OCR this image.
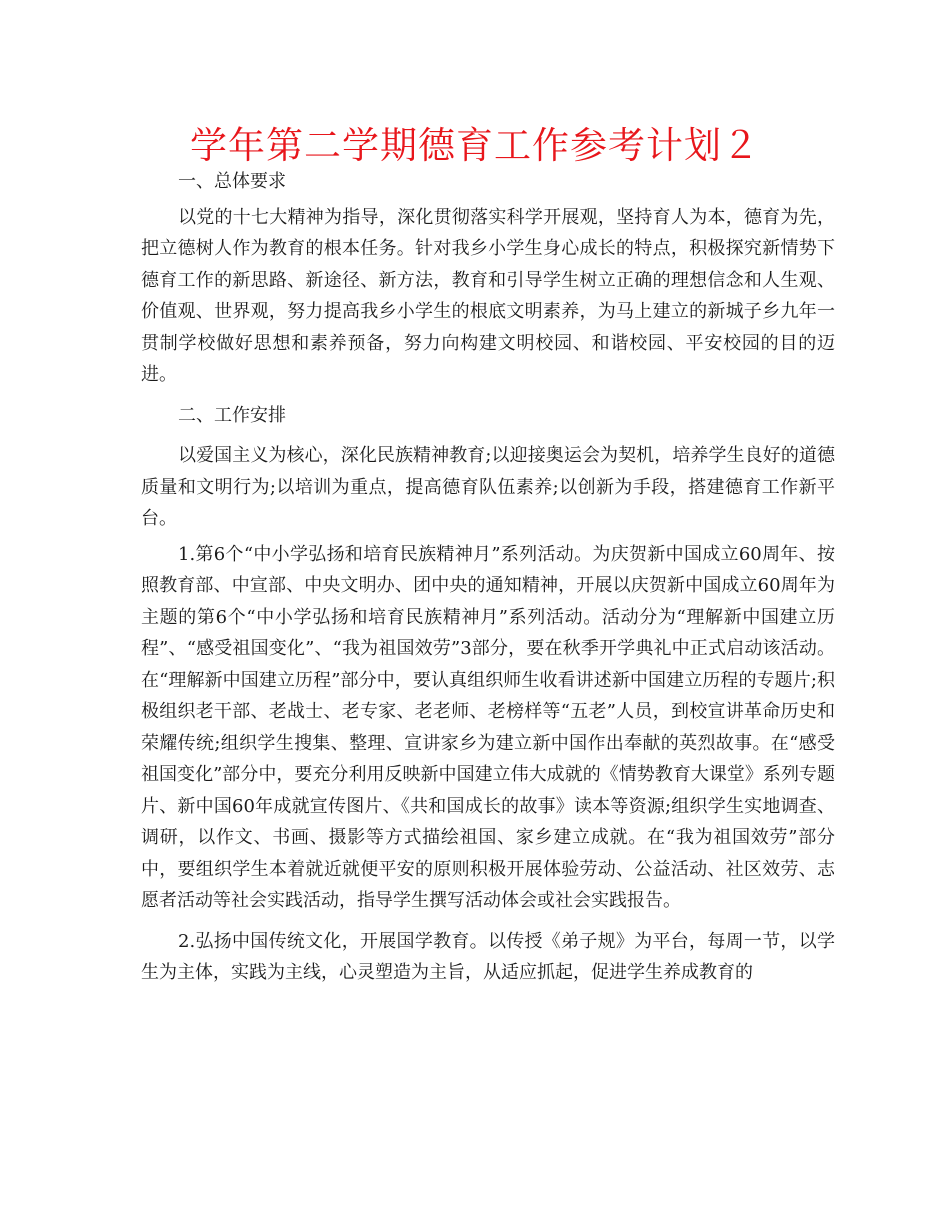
学年第二学期德育工作参考计划２

一、总体要求

以党的十七大精神为指导，深化贯彻落实科学开展观，坚持育人为本，德育为先，把立德树人作为教育的根本任务。针对我乡小学生身心成长的特点，积极探究新情势下德育工作的新思路、新途径、新方法，教育和引导学生树立正确的理想信念和人生观、价值观、世界观，努力提高我乡小学生的根底文明素养，为马上建立的新城子乡九年一贯制学校做好思想和素养预备，努力向构建文明校园、和谐校园、平安校园的目的迈进。

二、工作安排

以爱国主义为核心，深化民族精神教育;以迎接奥运会为契机，培养学生良好的道德质量和文明行为;以培训为重点，提高德育队伍素养;以创新为手段，搭建德育工作新平台。

1.第6个“中小学弘扬和培育民族精神月”系列活动。为庆贺新中国成立60周年、按照教育部、中宣部、中央文明办、团中央的通知精神，开展以庆贺新中国成立60周年为主题的第6个“中小学弘扬和培育民族精神月”系列活动。活动分为“理解新中国建立历程”、“感受祖国变化”、“我为祖国效劳”3部分，要在秋季开学典礼中正式启动该活动。在“理解新中国建立历程”部分中，要认真组织师生收看讲述新中国建立历程的专题片;积极组织老干部、老战士、老专家、老老师、老榜样等“五老”人员，到校宣讲革命历史和荣耀传统;组织学生搜集、整理、宣讲家乡为建立新中国作出奉献的英烈故事。在“感受祖国变化”部分中，要充分利用反映新中国建立伟大成就的《情势教育大课堂》系列专题片、新中国60年成就宣传图片、《共和国成长的故事》读本等资源;组织学生实地调查、调研，以作文、书画、摄影等方式描绘祖国、家乡建立成就。在“我为祖国效劳”部分中，要组织学生本着就近就便平安的原则积极开展体验劳动、公益活动、社区效劳、志愿者活动等社会实践活动，指导学生撰写活动体会或社会实践报告。

2.弘扬中国传统文化，开展国学教育。以传授《弟子规》为平台，每周一节，以学生为主体，实践为主线，心灵塑造为主旨，从适应抓起，促进学生养成教育的
